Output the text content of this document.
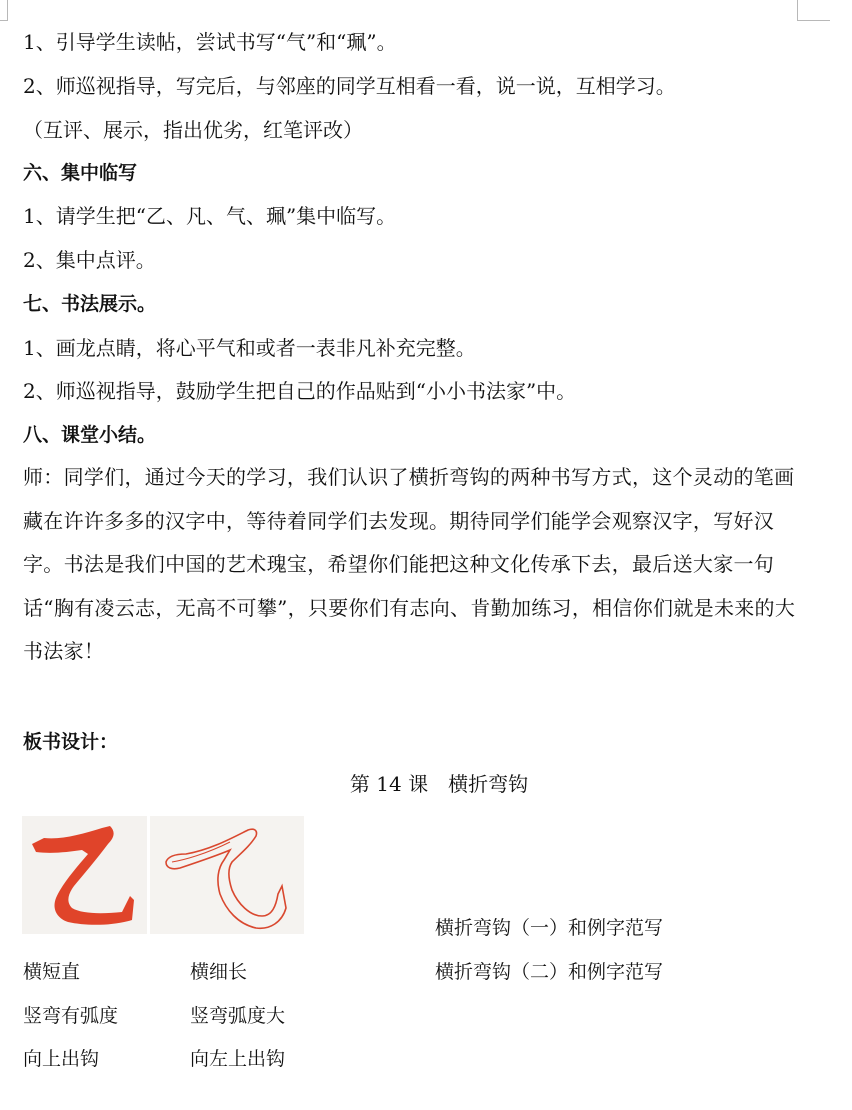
1、引导学生读帖，尝试书写“气”和“珮”。
2、师巡视指导，写完后，与邻座的同学互相看一看，说一说，互相学习。
（互评、展示，指出优劣，红笔评改）
六、集中临写
1、请学生把“乙、凡、气、珮”集中临写。
2、集中点评。
七、书法展示。
1、画龙点睛，将心平气和或者一表非凡补充完整。
2、师巡视指导，鼓励学生把自己的作品贴到“小小书法家”中。
八、课堂小结。
师：同学们，通过今天的学习，我们认识了横折弯钩的两种书写方式，这个灵动的笔画藏在许许多多的汉字中，等待着同学们去发现。期待同学们能学会观察汉字，写好汉字。书法是我们中国的艺术瑰宝，希望你们能把这种文化传承下去，最后送大家一句话“胸有凌云志，无高不可攀”，只要你们有志向、肯勤加练习，相信你们就是未来的大书法家！
板书设计：
第 14 课　横折弯钩
横折弯钩（一）和例字范写
横折弯钩（二）和例字范写
横短直
竖弯有弧度
向上出钩
横细长
竖弯弧度大
向左上出钩
